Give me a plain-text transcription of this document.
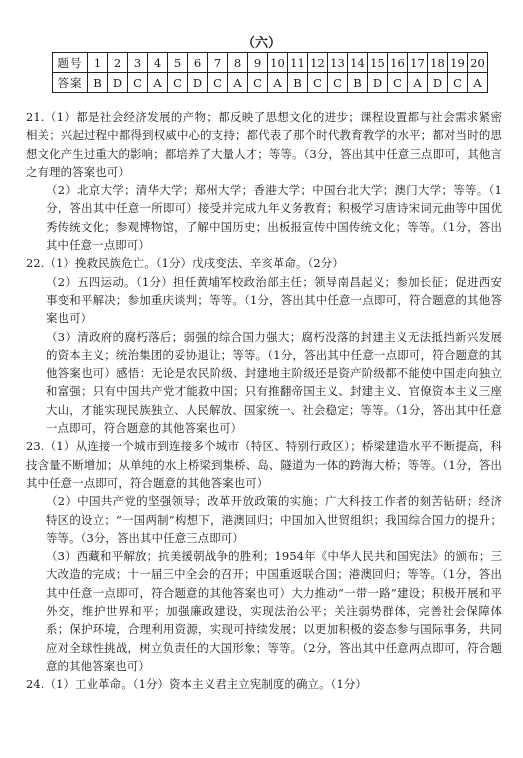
（六）
题号	1	2	3	4	5	6	7	8	9	10	11	12	13	14	15	16	17	18	19	20
答案	B	D	C	A	C	D	C	A	C	A	B	C	C	B	D	C	A	D	C	A

21.（1）都是社会经济发展的产物；都反映了思想文化的进步；课程设置都与社会需求紧密相关；兴起过程中都得到权威中心的支持；都代表了那个时代教育教学的水平；都对当时的思想文化产生过重大的影响；都培养了大量人才；等等。（3分，答出其中任意三点即可，其他言之有理的答案也可）

（2）北京大学；清华大学；郑州大学；香港大学；中国台北大学；澳门大学；等等。（1分，答出其中任意一所即可）接受并完成九年义务教育；积极学习唐诗宋词元曲等中国优秀传统文化；参观博物馆，了解中国历史；出板报宣传中国传统文化；等等。（1分，答出其中任意一点即可）

22.（1）挽救民族危亡。（1分）戊戌变法、辛亥革命。（2分）

（2）五四运动。（1分）担任黄埔军校政治部主任；领导南昌起义；参加长征；促进西安事变和平解决；参加重庆谈判；等等。（1分，答出其中任意一点即可，符合题意的其他答案也可）

（3）清政府的腐朽落后；弱强的综合国力强大；腐朽没落的封建主义无法抵挡新兴发展的资本主义；统治集团的妥协退让；等等。（1分，答出其中任意一点即可，符合题意的其他答案也可）感悟：无论是农民阶级、封建地主阶级还是资产阶级都不能使中国走向独立和富强；只有中国共产党才能救中国；只有推翻帝国主义、封建主义、官僚资本主义三座大山，才能实现民族独立、人民解放、国家统一、社会稳定；等等。（1分，答出其中任意一点即可，符合题意的其他答案也可）

23.（1）从连接一个城市到连接多个城市（特区、特别行政区）；桥梁建造水平不断提高，科技含量不断增加；从单纯的水上桥梁到集桥、岛、隧道为一体的跨海大桥；等等。（1分，答出其中任意一点即可，符合题意的其他答案也可）

（2）中国共产党的坚强领导；改革开放政策的实施；广大科技工作者的刻苦钻研；经济特区的设立；“一国两制”构想下，港澳回归；中国加入世贸组织；我国综合国力的提升；等等。（3分，答出其中任意三点即可）

（3）西藏和平解放；抗美援朝战争的胜利；1954年《中华人民共和国宪法》的颁布；三大改造的完成；十一届三中全会的召开；中国重返联合国；港澳回归；等等。（1分，答出其中任意一点即可，符合题意的其他答案也可）大力推动“一带一路”建设；积极开展和平外交，维护世界和平；加强廉政建设，实现法治公平；关注弱势群体，完善社会保障体系；保护环境，合理利用资源，实现可持续发展；以更加积极的姿态参与国际事务，共同应对全球性挑战，树立负责任的大国形象；等等。（2分，答出其中任意两点即可，符合题意的其他答案也可）

24.（1）工业革命。（1分）资本主义君主立宪制度的确立。（1分）
